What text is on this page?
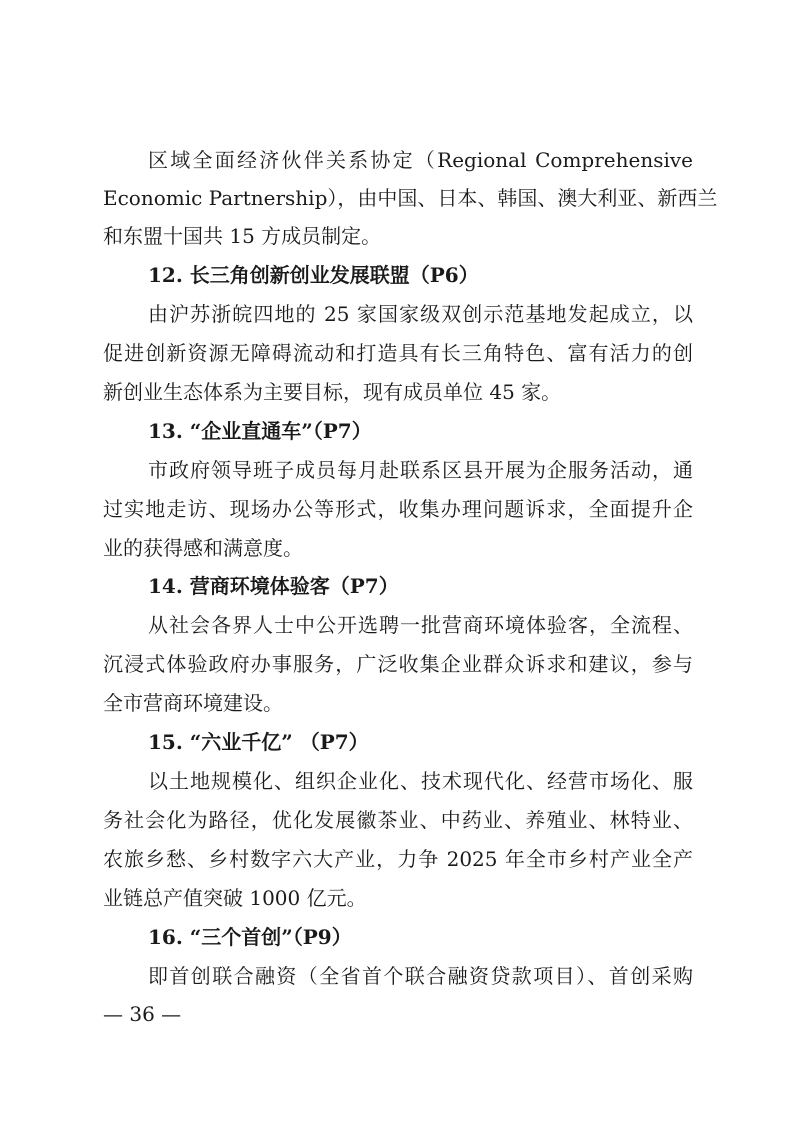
区域全面经济伙伴关系协定（Regional Comprehensive
Economic Partnership），由中国、日本、韩国、澳大利亚、新西兰
和东盟十国共 15 方成员制定。
12. 长三角创新创业发展联盟（P6）
由沪苏浙皖四地的 25 家国家级双创示范基地发起成立，以
促进创新资源无障碍流动和打造具有长三角特色、富有活力的创
新创业生态体系为主要目标，现有成员单位 45 家。
13. “企业直通车”（P7）
市政府领导班子成员每月赴联系区县开展为企服务活动，通
过实地走访、现场办公等形式，收集办理问题诉求，全面提升企
业的获得感和满意度。
14. 营商环境体验客（P7）
从社会各界人士中公开选聘一批营商环境体验客，全流程、
沉浸式体验政府办事服务，广泛收集企业群众诉求和建议，参与
全市营商环境建设。
15. “六业千亿” （P7）
以土地规模化、组织企业化、技术现代化、经营市场化、服
务社会化为路径，优化发展徽茶业、中药业、养殖业、林特业、
农旅乡愁、乡村数字六大产业，力争 2025 年全市乡村产业全产
业链总产值突破 1000 亿元。
16. “三个首创”（P9）
即首创联合融资（全省首个联合融资贷款项目）、首创采购
— 36 —
